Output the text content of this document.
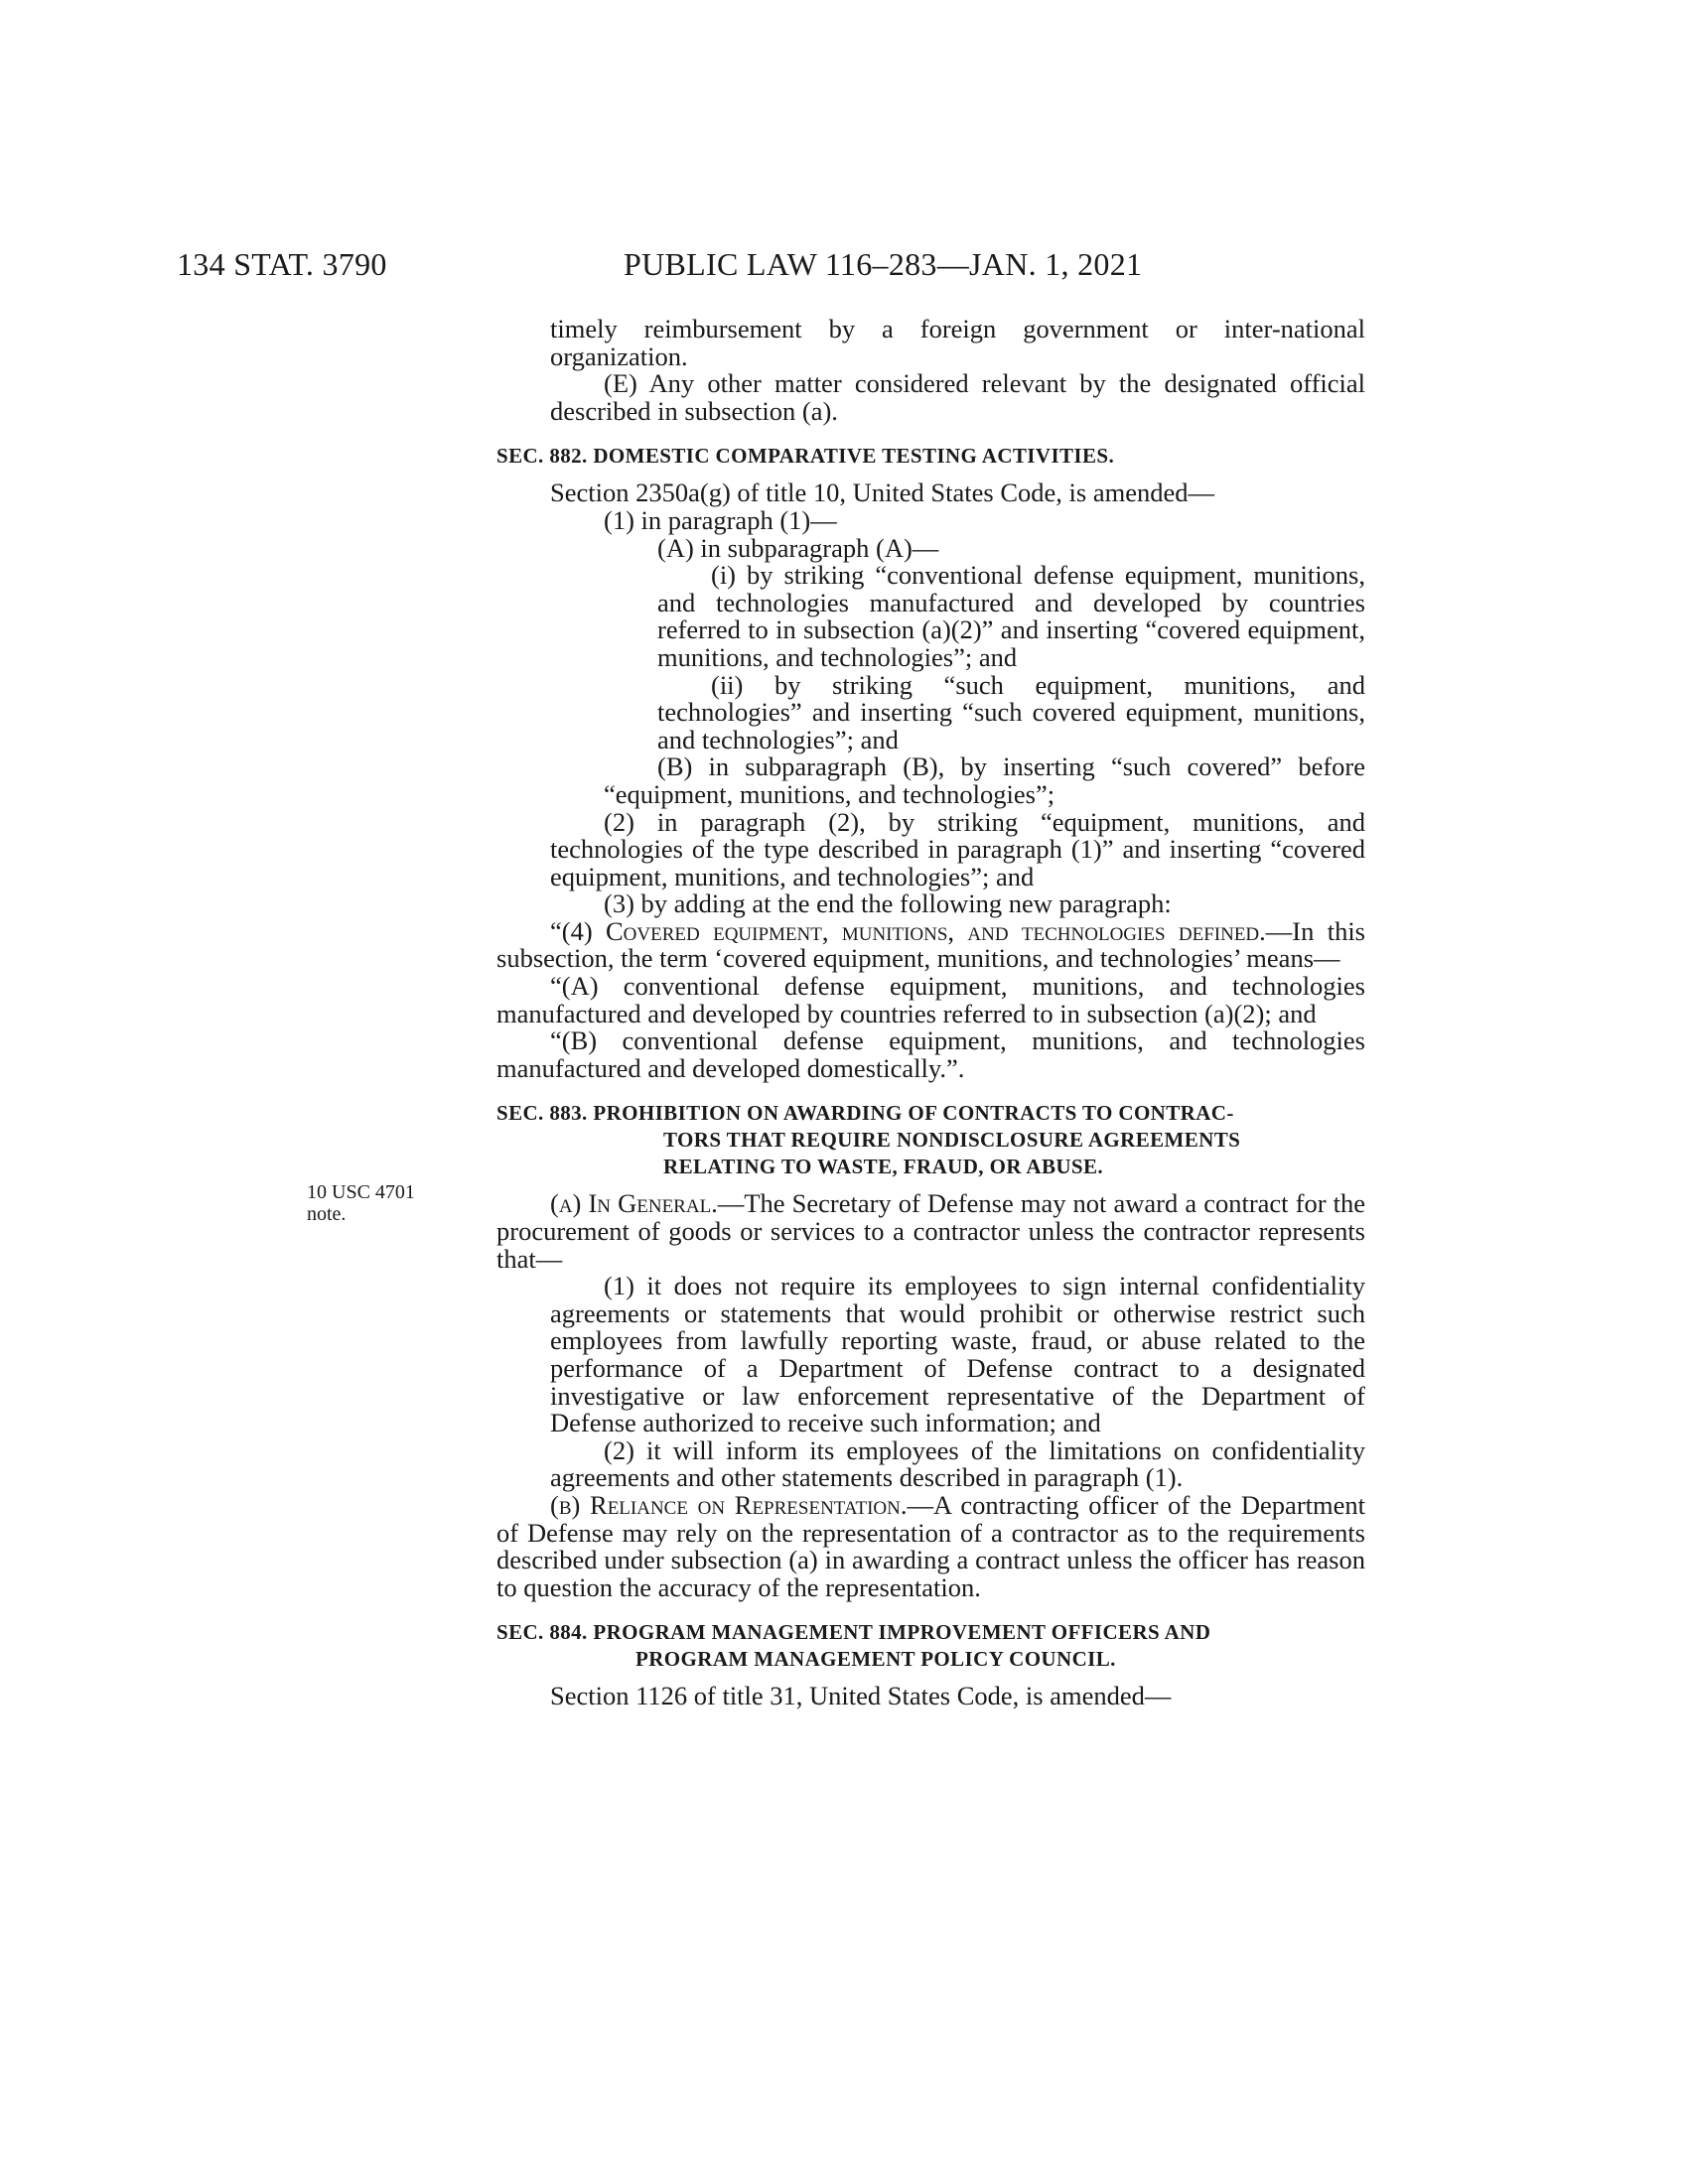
134 STAT. 3790	PUBLIC LAW 116–283—JAN. 1, 2021
10 USC 4701 note.

timely reimbursement by a foreign government or inter-national organization.

(E) Any other matter considered relevant by the designated official described in subsection (a).

SEC. 882. DOMESTIC COMPARATIVE TESTING ACTIVITIES.

Section 2350a(g) of title 10, United States Code, is amended—

(1) in paragraph (1)—

(A) in subparagraph (A)—

(i) by striking “conventional defense equipment, munitions, and technologies manufactured and developed by countries referred to in subsection (a)(2)” and inserting “covered equipment, munitions, and technologies”; and

(ii) by striking “such equipment, munitions, and technologies” and inserting “such covered equipment, munitions, and technologies”; and

(B) in subparagraph (B), by inserting “such covered” before “equipment, munitions, and technologies”;

(2) in paragraph (2), by striking “equipment, munitions, and technologies of the type described in paragraph (1)” and inserting “covered equipment, munitions, and technologies”; and

(3) by adding at the end the following new paragraph:

“(4) Covered equipment, munitions, and technologies defined.—In this subsection, the term ‘covered equipment, munitions, and technologies’ means—

“(A) conventional defense equipment, munitions, and technologies manufactured and developed by countries referred to in subsection (a)(2); and

“(B) conventional defense equipment, munitions, and technologies manufactured and developed domestically.”.

SEC. 883. PROHIBITION ON AWARDING OF CONTRACTS TO CONTRAC-
TORS THAT REQUIRE NONDISCLOSURE AGREEMENTS
RELATING TO WASTE, FRAUD, OR ABUSE.

(a) In General.—The Secretary of Defense may not award a contract for the procurement of goods or services to a contractor unless the contractor represents that—

(1) it does not require its employees to sign internal confidentiality agreements or statements that would prohibit or otherwise restrict such employees from lawfully reporting waste, fraud, or abuse related to the performance of a Department of Defense contract to a designated investigative or law enforcement representative of the Department of Defense authorized to receive such information; and

(2) it will inform its employees of the limitations on confidentiality agreements and other statements described in paragraph (1).

(b) Reliance on Representation.—A contracting officer of the Department of Defense may rely on the representation of a contractor as to the requirements described under subsection (a) in awarding a contract unless the officer has reason to question the accuracy of the representation.

SEC. 884. PROGRAM MANAGEMENT IMPROVEMENT OFFICERS AND
PROGRAM MANAGEMENT POLICY COUNCIL.

Section 1126 of title 31, United States Code, is amended—
